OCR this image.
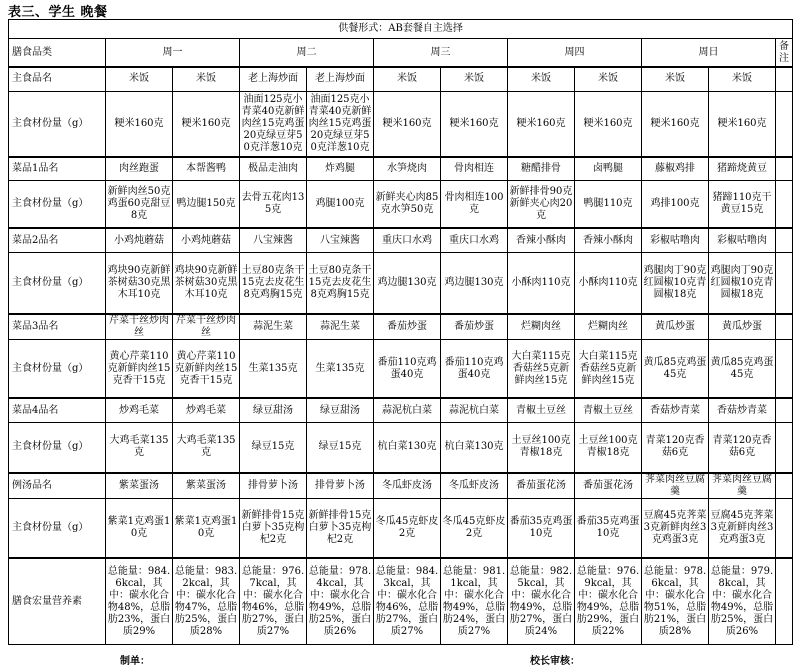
表三、学生 晚餐
供餐形式：AB套餐自主选择											
膳食品类	周一		周二		周三		周四		周日		备注
主食品名	米饭	米饭	老上海炒面	老上海炒面	米饭	米饭	米饭	米饭	米饭	米饭	
主食材份量（g）	粳米160克	粳米160克	油面125克小青菜40克新鲜肉丝15克鸡蛋20克绿豆芽50克洋葱10克	油面125克小青菜40克新鲜肉丝15克鸡蛋20克绿豆芽50克洋葱10克	粳米160克	粳米160克	粳米160克	粳米160克	粳米160克	粳米160克	
菜品1品名	肉丝跑蛋	本帮酱鸭	极品走油肉	炸鸡腿	水笋烧肉	骨肉相连	糖醋排骨	卤鸭腿	藤椒鸡排	猪蹄烧黄豆	
主食材份量（g）	新鲜肉丝50克鸡蛋60克甜豆8克	鸭边腿150克	去骨五花肉135克	鸡腿100克	新鲜夹心肉85克水笋50克	骨肉相连100克	新鲜排骨90克新鲜夹心肉20克	鸭腿110克	鸡排100克	猪蹄110克干黄豆15克	
菜品2品名	小鸡炖蘑菇	小鸡炖蘑菇	八宝辣酱	八宝辣酱	重庆口水鸡	重庆口水鸡	香辣小酥肉	香辣小酥肉	彩椒咕噜肉	彩椒咕噜肉	
主食材份量（g）	鸡块90克新鲜茶树菇30克黑木耳10克	鸡块90克新鲜茶树菇30克黑木耳10克	土豆80克条干15克去皮花生8克鸡胸15克	土豆80克条干15克去皮花生8克鸡胸15克	鸡边腿130克	鸡边腿130克	小酥肉110克	小酥肉110克	鸡腿肉丁90克红圆椒10克青圆椒18克	鸡腿肉丁90克红圆椒10克青圆椒18克	
菜品3品名	芹菜干丝炒肉丝	芹菜干丝炒肉丝	蒜泥生菜	蒜泥生菜	番茄炒蛋	番茄炒蛋	烂糊肉丝	烂糊肉丝	黄瓜炒蛋	黄瓜炒蛋	
主食材份量（g）	黄心芹菜110克新鲜肉丝15克香干15克	黄心芹菜110克新鲜肉丝15克香干15克	生菜135克	生菜135克	番茄110克鸡蛋40克	番茄110克鸡蛋40克	大白菜115克香菇丝5克新鲜肉丝15克	大白菜115克香菇丝5克新鲜肉丝15克	黄瓜85克鸡蛋45克	黄瓜85克鸡蛋45克	
菜品4品名	炒鸡毛菜	炒鸡毛菜	绿豆甜汤	绿豆甜汤	蒜泥杭白菜	蒜泥杭白菜	青椒土豆丝	青椒土豆丝	香菇炒青菜	香菇炒青菜	
主食材份量（g）	大鸡毛菜135克	大鸡毛菜135克	绿豆15克	绿豆15克	杭白菜130克	杭白菜130克	土豆丝100克青椒18克	土豆丝100克青椒18克	青菜120克香菇6克	青菜120克香菇6克	
例汤品名	紫菜蛋汤	紫菜蛋汤	排骨萝卜汤	排骨萝卜汤	冬瓜虾皮汤	冬瓜虾皮汤	番茄蛋花汤	番茄蛋花汤	荠菜肉丝豆腐羹	荠菜肉丝豆腐羹	
主食材份量（g）	紫菜1克鸡蛋10克	紫菜1克鸡蛋10克	新鲜排骨15克白萝卜35克枸杞2克	新鲜排骨15克白萝卜35克枸杞2克	冬瓜45克虾皮2克	冬瓜45克虾皮2克	番茄35克鸡蛋10克	番茄35克鸡蛋10克	豆腐45克荠菜3克新鲜肉丝3克鸡蛋3克	豆腐45克荠菜3克新鲜肉丝3克鸡蛋3克	
膳食宏量营养素	总能量：984.6kcal，其中：碳水化合物48%，总脂肪23%，蛋白质29%	总能量：983.2kcal，其中：碳水化合物47%，总脂肪25%，蛋白质28%	总能量：976.7kcal，其中：碳水化合物46%，总脂肪27%，蛋白质27%	总能量：978.4kcal，其中：碳水化合物49%，总脂肪25%，蛋白质26%	总能量：984.3kcal，其中：碳水化合物46%，总脂肪27%，蛋白质27%	总能量：981.1kcal，其中：碳水化合物49%，总脂肪24%，蛋白质27%	总能量：982.5kcal，其中：碳水化合物49%，总脂肪27%，蛋白质24%	总能量：976.9kcal，其中：碳水化合物49%，总脂肪29%，蛋白质22%	总能量：978.6kcal，其中：碳水化合物51%，总脂肪21%，蛋白质28%	总能量：979.8kcal，其中：碳水化合物49%，总脂肪25%，蛋白质26%	
制单：	校长审核：
